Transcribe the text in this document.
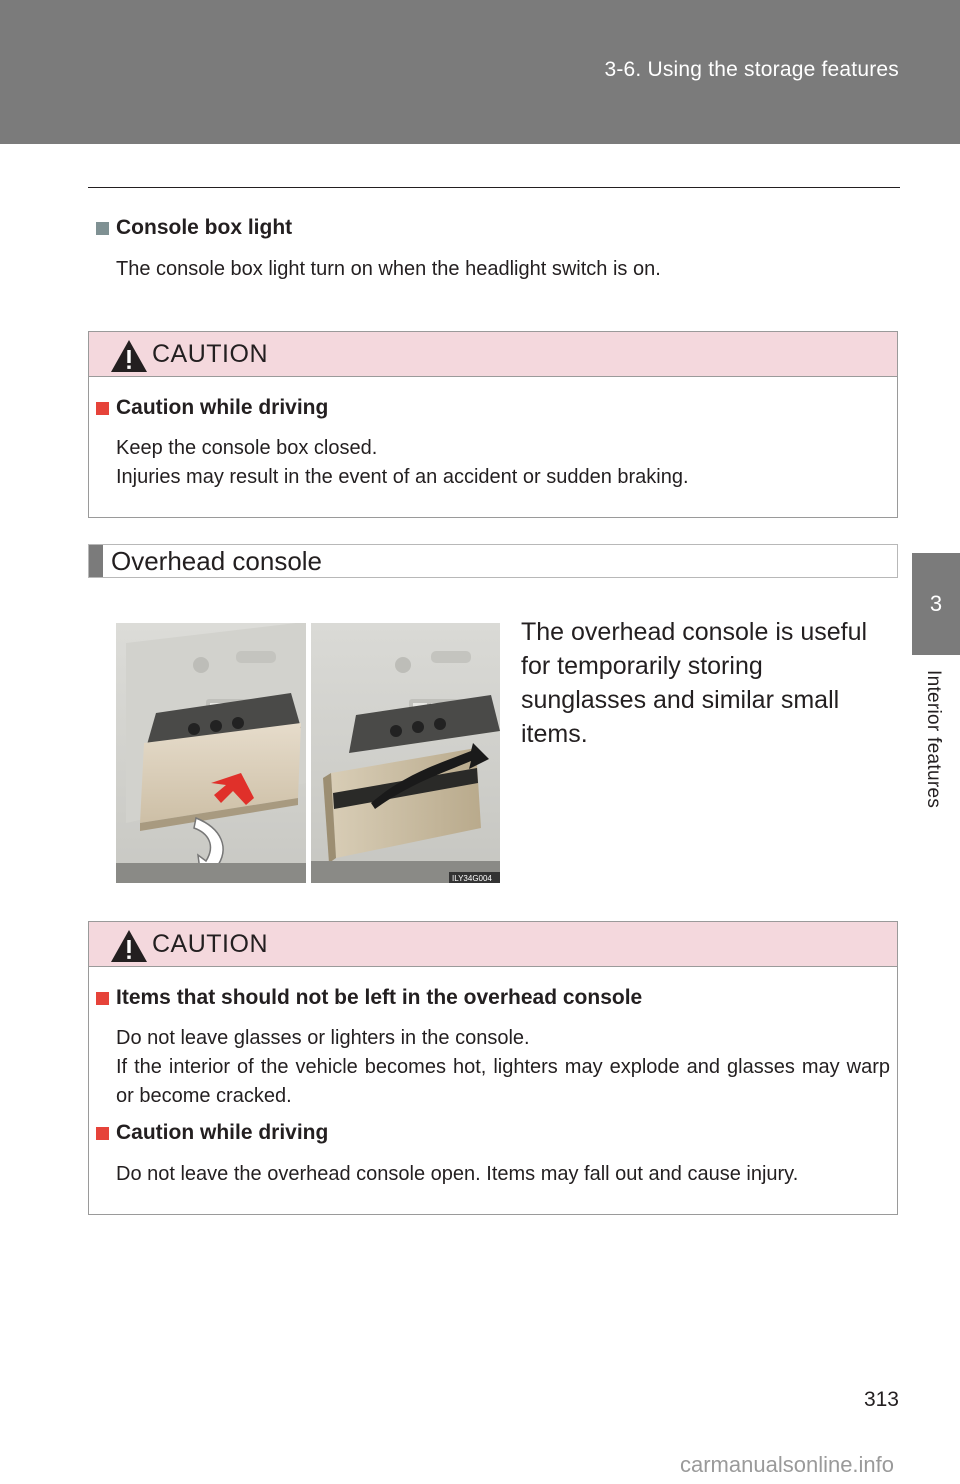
3-6. Using the storage features
3
Interior features
Console box light
The console box light turn on when the headlight switch is on.
CAUTION
Caution while driving
Keep the console box closed.
Injuries may result in the event of an accident or sudden braking.
Overhead console
ILY34G004
The overhead console is useful for temporarily storing sunglasses and similar small items.
CAUTION
Items that should not be left in the overhead console
Do not leave glasses or lighters in the console.
If the interior of the vehicle becomes hot, lighters may explode and glasses may warp or become cracked.
Caution while driving
Do not leave the overhead console open. Items may fall out and cause injury.
313
carmanualsonline.info
